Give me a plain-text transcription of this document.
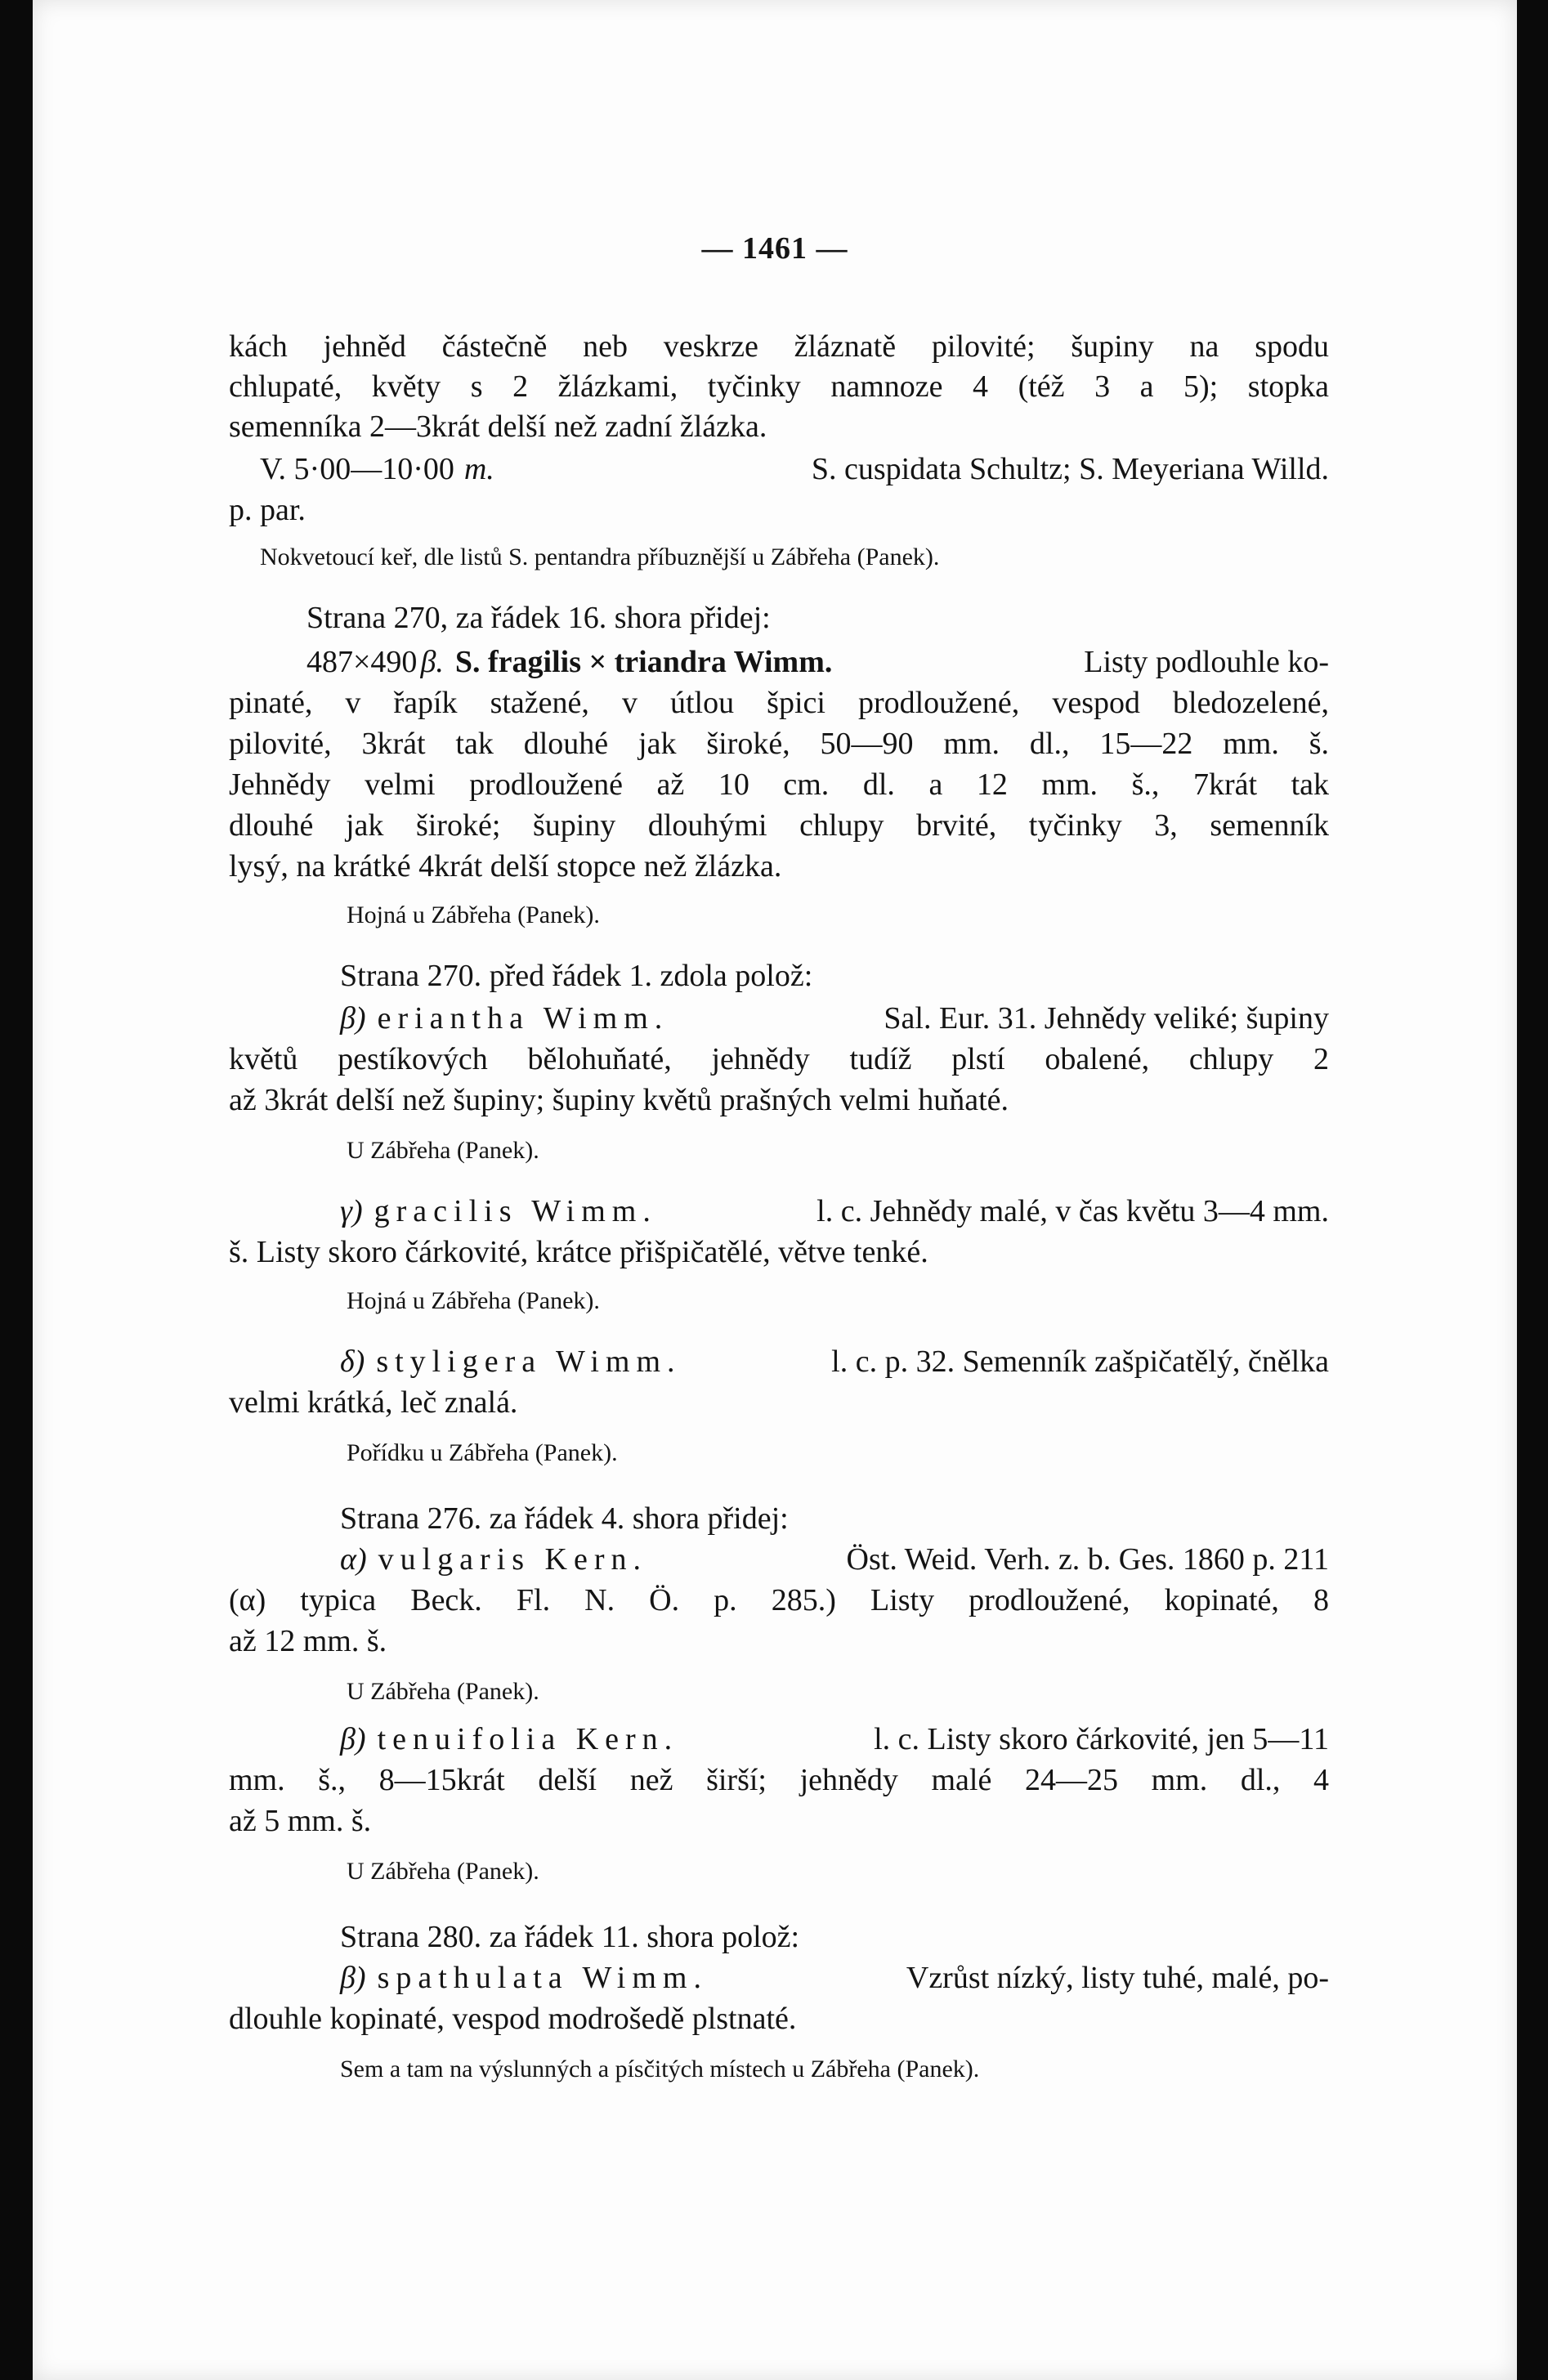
— 1461 —
kách jehněd částečně neb veskrze žláznatě pilovité; šupiny na spodu
chlupaté, květy s 2 žlázkami, tyčinky namnoze 4 (též 3 a 5); stopka
semenníka 2—3krát delší než zadní žlázka.
V. 5·00—10·00 m.	S. cuspidata Schultz; S. Meyeriana Willd.
p. par.
Nokvetoucí keř, dle listů S. pentandra příbuznější u Zábřeha (Panek).
Strana 270, za řádek 16. shora přidej:
487×490 β. S. fragilis × triandra Wimm.	Listy podlouhle ko-
pinaté, v řapík stažené, v útlou špici prodloužené, vespod bledozelené,
pilovité, 3krát tak dlouhé jak široké, 50—90 mm. dl., 15—22 mm. š.
Jehnědy velmi prodloužené až 10 cm. dl. a 12 mm. š., 7krát tak
dlouhé jak široké; šupiny dlouhými chlupy brvité, tyčinky 3, semenník
lysý, na krátké 4krát delší stopce než žlázka.
Hojná u Zábřeha (Panek).
Strana 270. před řádek 1. zdola polož:
β) eriantha Wimm.	Sal. Eur. 31. Jehnědy veliké; šupiny
květů pestíkových bělohuňaté, jehnědy tudíž plstí obalené, chlupy 2
až 3krát delší než šupiny; šupiny květů prašných velmi huňaté.
U Zábřeha (Panek).
γ) gracilis Wimm.	l. c. Jehnědy malé, v čas květu 3—4 mm.
š. Listy skoro čárkovité, krátce přišpičatělé, větve tenké.
Hojná u Zábřeha (Panek).
δ) styligera Wimm.	l. c. p. 32. Semenník zašpičatělý, čnělka
velmi krátká, leč znalá.
Pořídku u Zábřeha (Panek).
Strana 276. za řádek 4. shora přidej:
α) vulgaris Kern.	Öst. Weid. Verh. z. b. Ges. 1860 p. 211
(α) typica Beck. Fl. N. Ö. p. 285.) Listy prodloužené, kopinaté, 8
až 12 mm. š.
U Zábřeha (Panek).
β) tenuifolia Kern.	l. c. Listy skoro čárkovité, jen 5—11
mm. š., 8—15krát delší než širší; jehnědy malé 24—25 mm. dl., 4
až 5 mm. š.
U Zábřeha (Panek).
Strana 280. za řádek 11. shora polož:
β) spathulata Wimm.	Vzrůst nízký, listy tuhé, malé, po-
dlouhle kopinaté, vespod modrošedě plstnaté.
Sem a tam na výslunných a písčitých místech u Zábřeha (Panek).
